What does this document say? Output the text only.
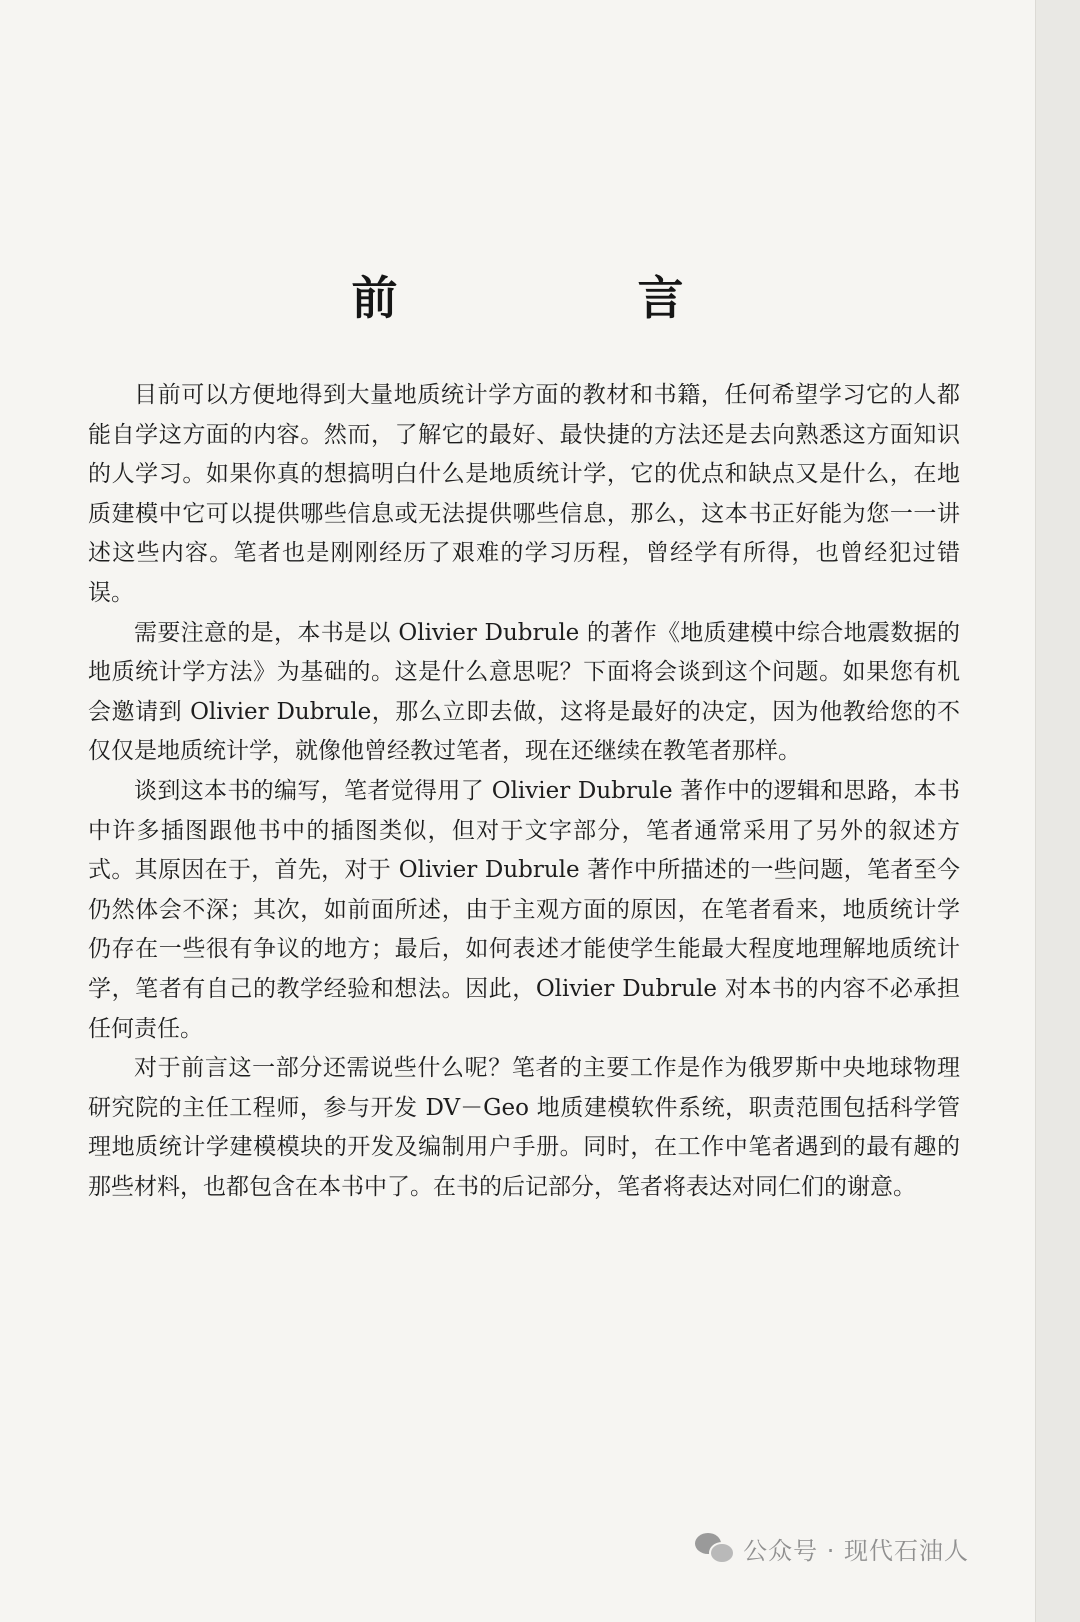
前 言

目前可以方便地得到大量地质统计学方面的教材和书籍，任何希望学习它的人都能自学这方面的内容。然而，了解它的最好、最快捷的方法还是去向熟悉这方面知识的人学习。如果你真的想搞明白什么是地质统计学，它的优点和缺点又是什么，在地质建模中它可以提供哪些信息或无法提供哪些信息，那么，这本书正好能为您一一讲述这些内容。笔者也是刚刚经历了艰难的学习历程，曾经学有所得，也曾经犯过错误。

需要注意的是，本书是以 Olivier Dubrule 的著作《地质建模中综合地震数据的地质统计学方法》为基础的。这是什么意思呢？下面将会谈到这个问题。如果您有机会邀请到 Olivier Dubrule，那么立即去做，这将是最好的决定，因为他教给您的不仅仅是地质统计学，就像他曾经教过笔者，现在还继续在教笔者那样。

谈到这本书的编写，笔者觉得用了 Olivier Dubrule 著作中的逻辑和思路，本书中许多插图跟他书中的插图类似，但对于文字部分，笔者通常采用了另外的叙述方式。其原因在于，首先，对于 Olivier Dubrule 著作中所描述的一些问题，笔者至今仍然体会不深；其次，如前面所述，由于主观方面的原因，在笔者看来，地质统计学仍存在一些很有争议的地方；最后，如何表述才能使学生能最大程度地理解地质统计学，笔者有自己的教学经验和想法。因此，Olivier Dubrule 对本书的内容不必承担任何责任。

对于前言这一部分还需说些什么呢？笔者的主要工作是作为俄罗斯中央地球物理研究院的主任工程师，参与开发 DV－Geo 地质建模软件系统，职责范围包括科学管理地质统计学建模模块的开发及编制用户手册。同时，在工作中笔者遇到的最有趣的那些材料，也都包含在本书中了。在书的后记部分，笔者将表达对同仁们的谢意。

公众号 · 现代石油人
